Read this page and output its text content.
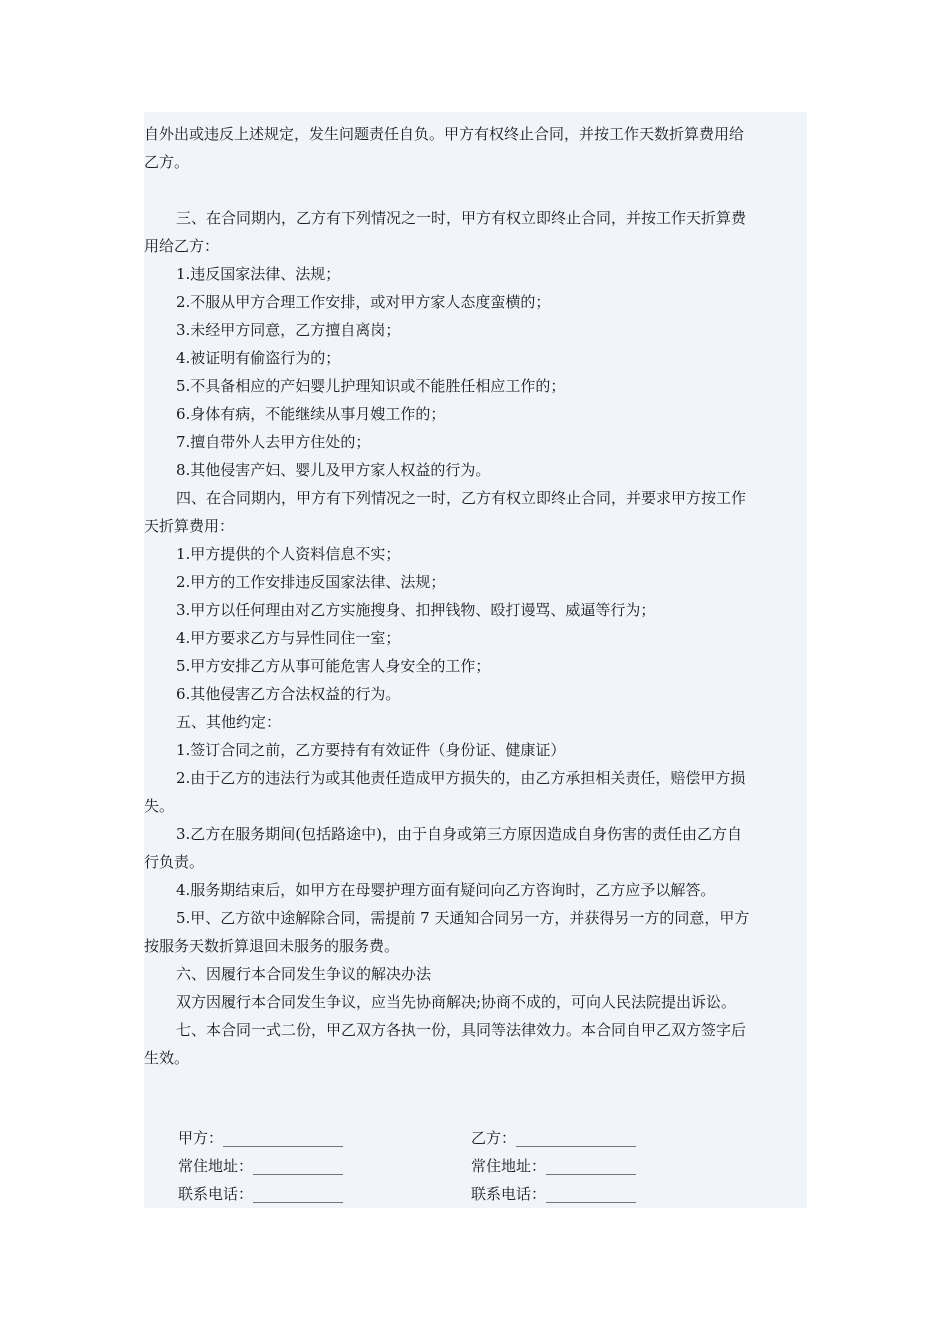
自外出或违反上述规定，发生问题责任自负。甲方有权终止合同，并按工作天数折算费用给
乙方。
三、在合同期内，乙方有下列情况之一时，甲方有权立即终止合同，并按工作天折算费
用给乙方：
1.违反国家法律、法规；
2.不服从甲方合理工作安排，或对甲方家人态度蛮横的；
3.未经甲方同意，乙方擅自离岗；
4.被证明有偷盗行为的；
5.不具备相应的产妇婴儿护理知识或不能胜任相应工作的；
6.身体有病，不能继续从事月嫂工作的；
7.擅自带外人去甲方住处的；
8.其他侵害产妇、婴儿及甲方家人权益的行为。
四、在合同期内，甲方有下列情况之一时，乙方有权立即终止合同，并要求甲方按工作
天折算费用：
1.甲方提供的个人资料信息不实；
2.甲方的工作安排违反国家法律、法规；
3.甲方以任何理由对乙方实施搜身、扣押钱物、殴打谩骂、威逼等行为；
4.甲方要求乙方与异性同住一室；
5.甲方安排乙方从事可能危害人身安全的工作；
6.其他侵害乙方合法权益的行为。
五、其他约定：
1.签订合同之前，乙方要持有有效证件（身份证、健康证）
2.由于乙方的违法行为或其他责任造成甲方损失的，由乙方承担相关责任，赔偿甲方损
失。
3.乙方在服务期间(包括路途中)，由于自身或第三方原因造成自身伤害的责任由乙方自
行负责。
4.服务期结束后，如甲方在母婴护理方面有疑问向乙方咨询时，乙方应予以解答。
5.甲、乙方欲中途解除合同，需提前 7 天通知合同另一方，并获得另一方的同意，甲方
按服务天数折算退回未服务的服务费。
六、因履行本合同发生争议的解决办法
双方因履行本合同发生争议，应当先协商解决;协商不成的，可向人民法院提出诉讼。
七、本合同一式二份，甲乙双方各执一份，具同等法律效力。本合同自甲乙双方签字后
生效。
甲方：________________
常住地址：____________
联系电话：____________
乙方：________________
常住地址：____________
联系电话：____________
